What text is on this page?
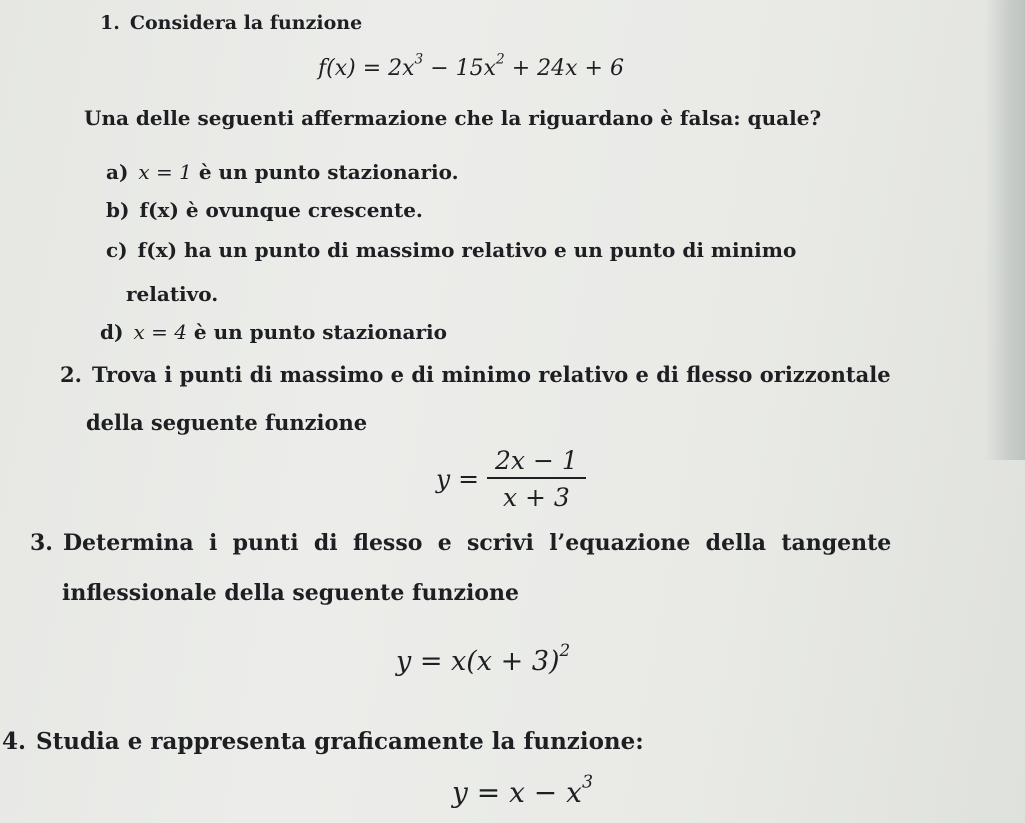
1. Considera la funzione
$f(x) = 2x^3 - 15x^2 + 24x + 6$
Una delle seguenti affermazione che la riguardano è falsa: quale?
a) x = 1 è un punto stazionario.
b) f(x) è ovunque crescente.
c) f(x) ha un punto di massimo relativo e un punto di minimo
relativo.
d) x = 4 è un punto stazionario
2. Trova i punti di massimo e di minimo relativo e di flesso orizzontale
della seguente funzione
$y = \frac{2x - 1}{x + 3}$
3. Determina  i  punti  di  flesso  e  scrivi  l’equazione  della  tangente
inflessionale della seguente funzione
$y = x(x + 3)^2$
4. Studia e rappresenta graficamente la funzione:
$y = x - x^3$
